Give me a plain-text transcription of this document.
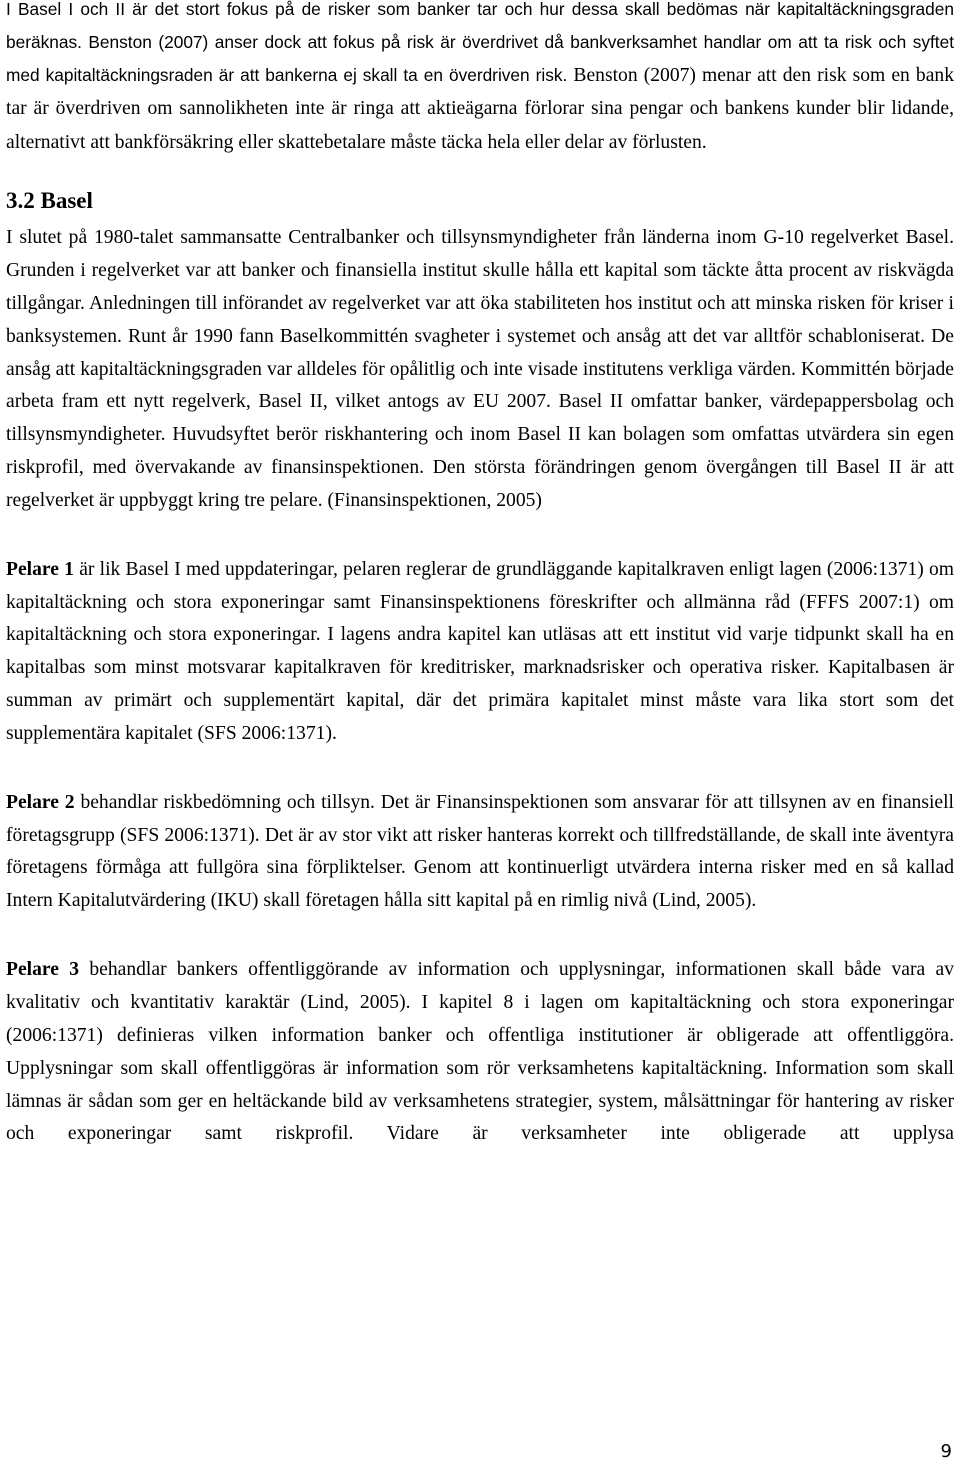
I Basel I och II är det stort fokus på de risker som banker tar och hur dessa skall bedömas när kapitaltäckningsgraden beräknas. Benston (2007) anser dock att fokus på risk är överdrivet då bankverksamhet handlar om att ta risk och syftet med kapitaltäckningsraden är att bankerna ej skall ta en överdriven risk. Benston (2007) menar att den risk som en bank tar är överdriven om sannolikheten inte är ringa att aktieägarna förlorar sina pengar och bankens kunder blir lidande, alternativt att bankförsäkring eller skattebetalare måste täcka hela eller delar av förlusten.

3.2 Basel

I slutet på 1980-talet sammansatte Centralbanker och tillsynsmyndigheter från länderna inom G-10 regelverket Basel. Grunden i regelverket var att banker och finansiella institut skulle hålla ett kapital som täckte åtta procent av riskvägda tillgångar. Anledningen till införandet av regelverket var att öka stabiliteten hos institut och att minska risken för kriser i banksystemen. Runt år 1990 fann Baselkommittén svagheter i systemet och ansåg att det var alltför schabloniserat. De ansåg att kapitaltäckningsgraden var alldeles för opålitlig och inte visade institutens verkliga värden. Kommittén började arbeta fram ett nytt regelverk, Basel II, vilket antogs av EU 2007. Basel II omfattar banker, värdepappersbolag och tillsynsmyndigheter. Huvudsyftet berör riskhantering och inom Basel II kan bolagen som omfattas utvärdera sin egen riskprofil, med övervakande av finansinspektionen. Den största förändringen genom övergången till Basel II är att regelverket är uppbyggt kring tre pelare. (Finansinspektionen, 2005)

Pelare 1 är lik Basel I med uppdateringar, pelaren reglerar de grundläggande kapitalkraven enligt lagen (2006:1371) om kapitaltäckning och stora exponeringar samt Finansinspektionens föreskrifter och allmänna råd (FFFS 2007:1) om kapitaltäckning och stora exponeringar. I lagens andra kapitel kan utläsas att ett institut vid varje tidpunkt skall ha en kapitalbas som minst motsvarar kapitalkraven för kreditrisker, marknadsrisker och operativa risker. Kapitalbasen är summan av primärt och supplementärt kapital, där det primära kapitalet minst måste vara lika stort som det supplementära kapitalet (SFS 2006:1371).

Pelare 2 behandlar riskbedömning och tillsyn. Det är Finansinspektionen som ansvarar för att tillsynen av en finansiell företagsgrupp (SFS 2006:1371). Det är av stor vikt att risker hanteras korrekt och tillfredställande, de skall inte äventyra företagens förmåga att fullgöra sina förpliktelser. Genom att kontinuerligt utvärdera interna risker med en så kallad Intern Kapitalutvärdering (IKU) skall företagen hålla sitt kapital på en rimlig nivå (Lind, 2005).

Pelare 3 behandlar bankers offentliggörande av information och upplysningar, informationen skall både vara av kvalitativ och kvantitativ karaktär (Lind, 2005). I kapitel 8 i lagen om kapitaltäckning och stora exponeringar (2006:1371) definieras vilken information banker och offentliga institutioner är obligerade att offentliggöra. Upplysningar som skall offentliggöras är information som rör verksamhetens kapitaltäckning. Information som skall lämnas är sådan som ger en heltäckande bild av verksamhetens strategier, system, målsättningar för hantering av risker och exponeringar samt riskprofil. Vidare är verksamheter inte obligerade att upplysa

9
